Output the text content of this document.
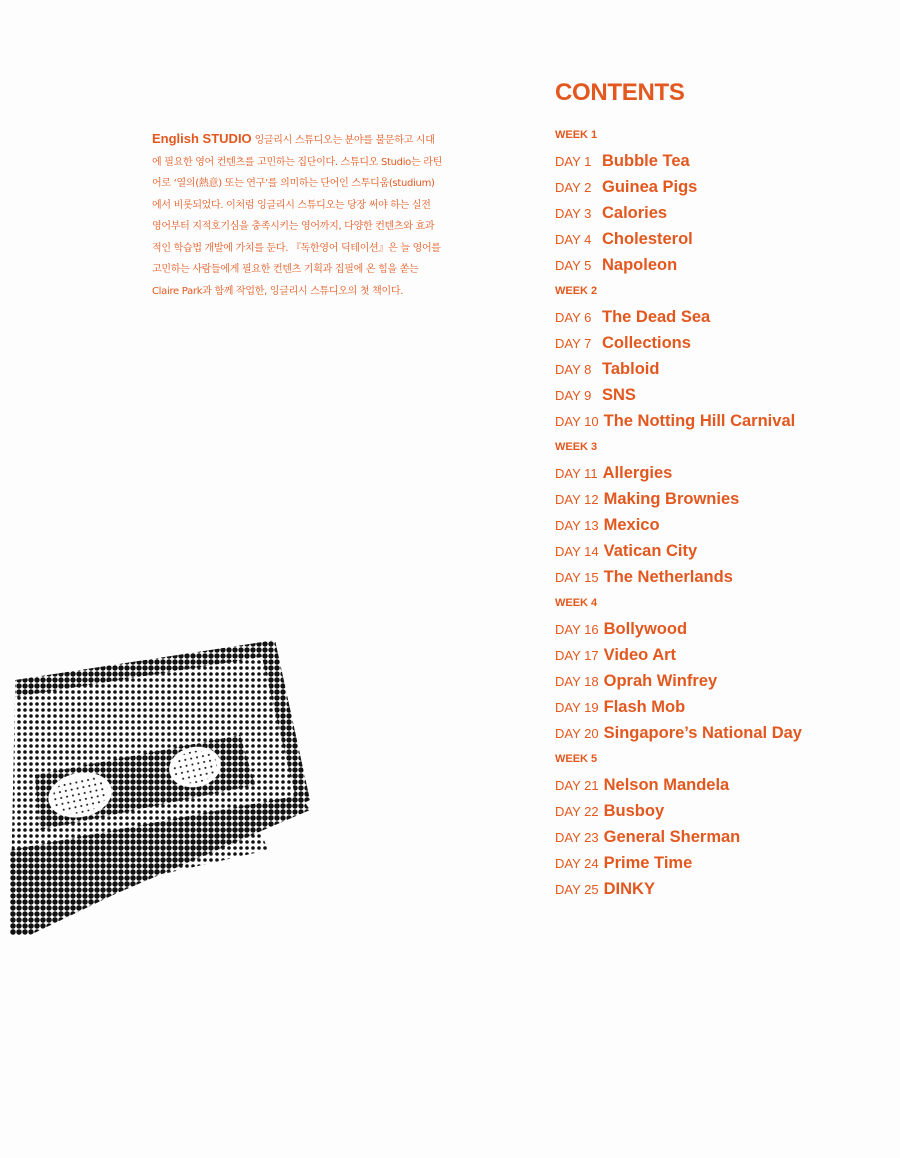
English STUDIO 잉글리시 스튜디오는 분야를 불문하고 시대에 필요한 영어 컨텐츠를 고민하는 집단이다. 스튜디오 Studio는 라틴어로 ‘열의(熱意) 또는 연구’를 의미하는 단어인 스투디움(studium)에서 비롯되었다. 이처럼 잉글리시 스튜디오는 당장 써야 하는 실전 영어부터 지적호기심을 충족시키는 영어까지, 다양한 컨텐츠와 효과적인 학습법 개발에 가치를 둔다. 『독한영어 딕테이션』은 늘 영어를 고민하는 사람들에게 필요한 컨텐츠 기획과 집필에 온 힘을 쏟는 Claire Park과 함께 작업한, 잉글리시 스튜디오의 첫 책이다.
CONTENTS
WEEK 1
DAY 1 Bubble Tea
DAY 2 Guinea Pigs
DAY 3 Calories
DAY 4 Cholesterol
DAY 5 Napoleon
WEEK 2
DAY 6 The Dead Sea
DAY 7 Collections
DAY 8 Tabloid
DAY 9 SNS
DAY 10 The Notting Hill Carnival
WEEK 3
DAY 11 Allergies
DAY 12 Making Brownies
DAY 13 Mexico
DAY 14 Vatican City
DAY 15 The Netherlands
WEEK 4
DAY 16 Bollywood
DAY 17 Video Art
DAY 18 Oprah Winfrey
DAY 19 Flash Mob
DAY 20 Singapore’s National Day
WEEK 5
DAY 21 Nelson Mandela
DAY 22 Busboy
DAY 23 General Sherman
DAY 24 Prime Time
DAY 25 DINKY
